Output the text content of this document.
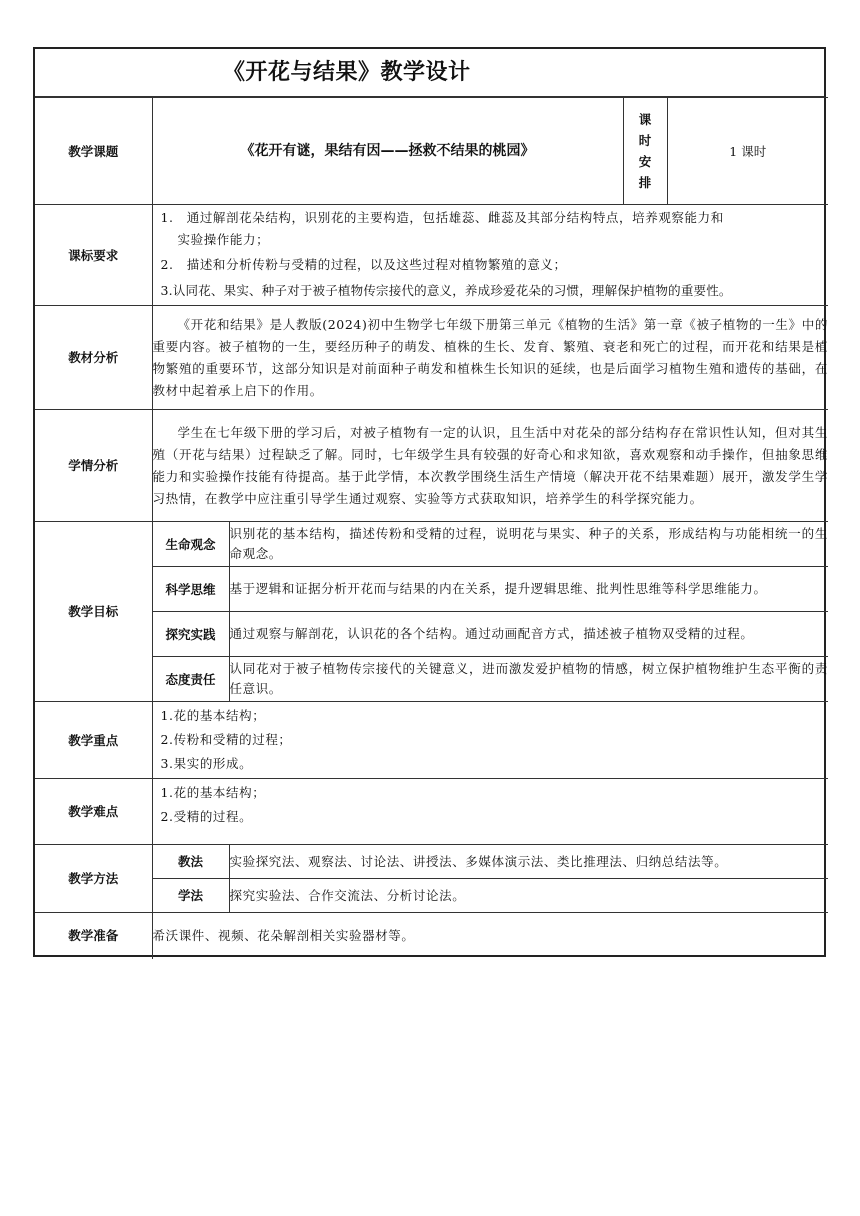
《开花与结果》教学设计
教学课题	《花开有谜，果结有因——拯救不结果的桃园》		课
时
安
排	1 课时
课标要求	1.　通过解剖花朵结构，识别花的主要构造，包括雄蕊、雌蕊及其部分结构特点，培养观察能力和
实验操作能力；
2.　描述和分析传粉与受精的过程，以及这些过程对植物繁殖的意义；
3.认同花、果实、种子对于被子植物传宗接代的意义，养成珍爱花朵的习惯，理解保护植物的重要性。			

教材分析	《开花和结果》是人教版(2024)初中生物学七年级下册第三单元《植物的生活》第一章《被子植物的一生》中的重要内容。被子植物的一生，要经历种子的萌发、植株的生长、发育、繁殖、衰老和死亡的过程，而开花和结果是植物繁殖的重要环节，这部分知识是对前面种子萌发和植株生长知识的延续，也是后面学习植物生殖和遗传的基础，在教材中起着承上启下的作用。			
学情分析	学生在七年级下册的学习后，对被子植物有一定的认识，且生活中对花朵的部分结构存在常识性认知，但对其生殖（开花与结果）过程缺乏了解。同时，七年级学生具有较强的好奇心和求知欲，喜欢观察和动手操作，但抽象思维能力和实验操作技能有待提高。基于此学情，本次教学围绕生活生产情境（解决开花不结果难题）展开，激发学生学习热情，在教学中应注重引导学生通过观察、实验等方式获取知识，培养学生的科学探究能力。			
教学目标	生命观念	识别花的基本结构，描述传粉和受精的过程，说明花与果实、种子的关系，形成结构与功能相统一的生命观念。		
	科学思维	基于逻辑和证据分析开花而与结果的内在关系，提升逻辑思维、批判性思维等科学思维能力。		
	探究实践	通过观察与解剖花，认识花的各个结构。通过动画配音方式，描述被子植物双受精的过程。		
	态度责任	认同花对于被子植物传宗接代的关键意义，进而激发爱护植物的情感，树立保护植物维护生态平衡的责任意识。		
教学重点	1.花的基本结构；
2.传粉和受精的过程；
3.果实的形成。			

教学难点	1.花的基本结构；
2.受精的过程。			

教学方法	教法	实验探究法、观察法、讨论法、讲授法、多媒体演示法、类比推理法、归纳总结法等。		
	学法	探究实验法、合作交流法、分析讨论法。		
教学准备	希沃课件、视频、花朵解剖相关实验器材等。			
